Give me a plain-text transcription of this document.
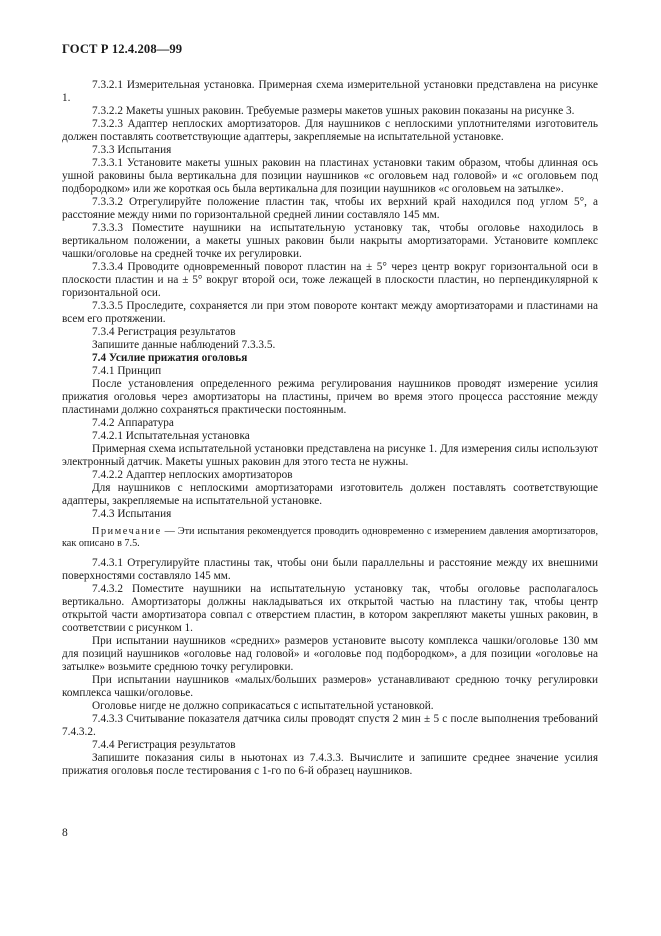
ГОСТ Р 12.4.208—99

7.3.2.1 Измерительная установка. Примерная схема измерительной установки представлена на рисунке 1.

7.3.2.2 Макеты ушных раковин. Требуемые размеры макетов ушных раковин показаны на рисунке 3.

7.3.2.3 Адаптер неплоских амортизаторов. Для наушников с неплоскими уплотнителями изготовитель должен поставлять соответствующие адаптеры, закрепляемые на испытательной установке.

7.3.3 Испытания

7.3.3.1 Установите макеты ушных раковин на пластинах установки таким образом, чтобы длинная ось ушной раковины была вертикальна для позиции наушников «с оголовьем над головой» и «с оголовьем под подбородком» или же короткая ось была вертикальна для позиции наушников «с оголовьем на затылке».

7.3.3.2 Отрегулируйте положение пластин так, чтобы их верхний край находился под углом 5°, а расстояние между ними по горизонтальной средней линии составляло 145 мм.

7.3.3.3 Поместите наушники на испытательную установку так, чтобы оголовье находилось в вертикальном положении, а макеты ушных раковин были накрыты амортизаторами. Установите комплекс чашки/оголовье на средней точке их регулировки.

7.3.3.4 Проводите одновременный поворот пластин на ± 5° через центр вокруг горизонтальной оси в плоскости пластин и на ± 5° вокруг второй оси, тоже лежащей в плоскости пластин, но перпендикулярной к горизонтальной оси.

7.3.3.5 Проследите, сохраняется ли при этом повороте контакт между амортизаторами и пластинами на всем его протяжении.

7.3.4 Регистрация результатов

Запишите данные наблюдений 7.3.3.5.

7.4 Усилие прижатия оголовья

7.4.1 Принцип

После установления определенного режима регулирования наушников проводят измерение усилия прижатия оголовья через амортизаторы на пластины, причем во время этого процесса расстояние между пластинами должно сохраняться практически постоянным.

7.4.2 Аппаратура

7.4.2.1 Испытательная установка

Примерная схема испытательной установки представлена на рисунке 1. Для измерения силы используют электронный датчик. Макеты ушных раковин для этого теста не нужны.

7.4.2.2 Адаптер неплоских амортизаторов

Для наушников с неплоскими амортизаторами изготовитель должен поставлять соответствующие адаптеры, закрепляемые на испытательной установке.

7.4.3 Испытания

Примечание — Эти испытания рекомендуется проводить одновременно с измерением давления амортизаторов, как описано в 7.5.

7.4.3.1 Отрегулируйте пластины так, чтобы они были параллельны и расстояние между их внешними поверхностями составляло 145 мм.

7.4.3.2 Поместите наушники на испытательную установку так, чтобы оголовье располагалось вертикально. Амортизаторы должны накладываться их открытой частью на пластину так, чтобы центр открытой части амортизатора совпал с отверстием пластин, в котором закрепляют макеты ушных раковин, в соответствии с рисунком 1.

При испытании наушников «средних» размеров установите высоту комплекса чашки/оголовье 130 мм для позиций наушников «оголовье над головой» и «оголовье под подбородком», а для позиции «оголовье на затылке» возьмите среднюю точку регулировки.

При испытании наушников «малых/больших размеров» устанавливают среднюю точку регулировки комплекса чашки/оголовье.

Оголовье нигде не должно соприкасаться с испытательной установкой.

7.4.3.3 Считывание показателя датчика силы проводят спустя 2 мин ± 5 с после выполнения требований 7.4.3.2.

7.4.4 Регистрация результатов

Запишите показания силы в ньютонах из 7.4.3.3. Вычислите и запишите среднее значение усилия прижатия оголовья после тестирования с 1-го по 6-й образец наушников.

8
